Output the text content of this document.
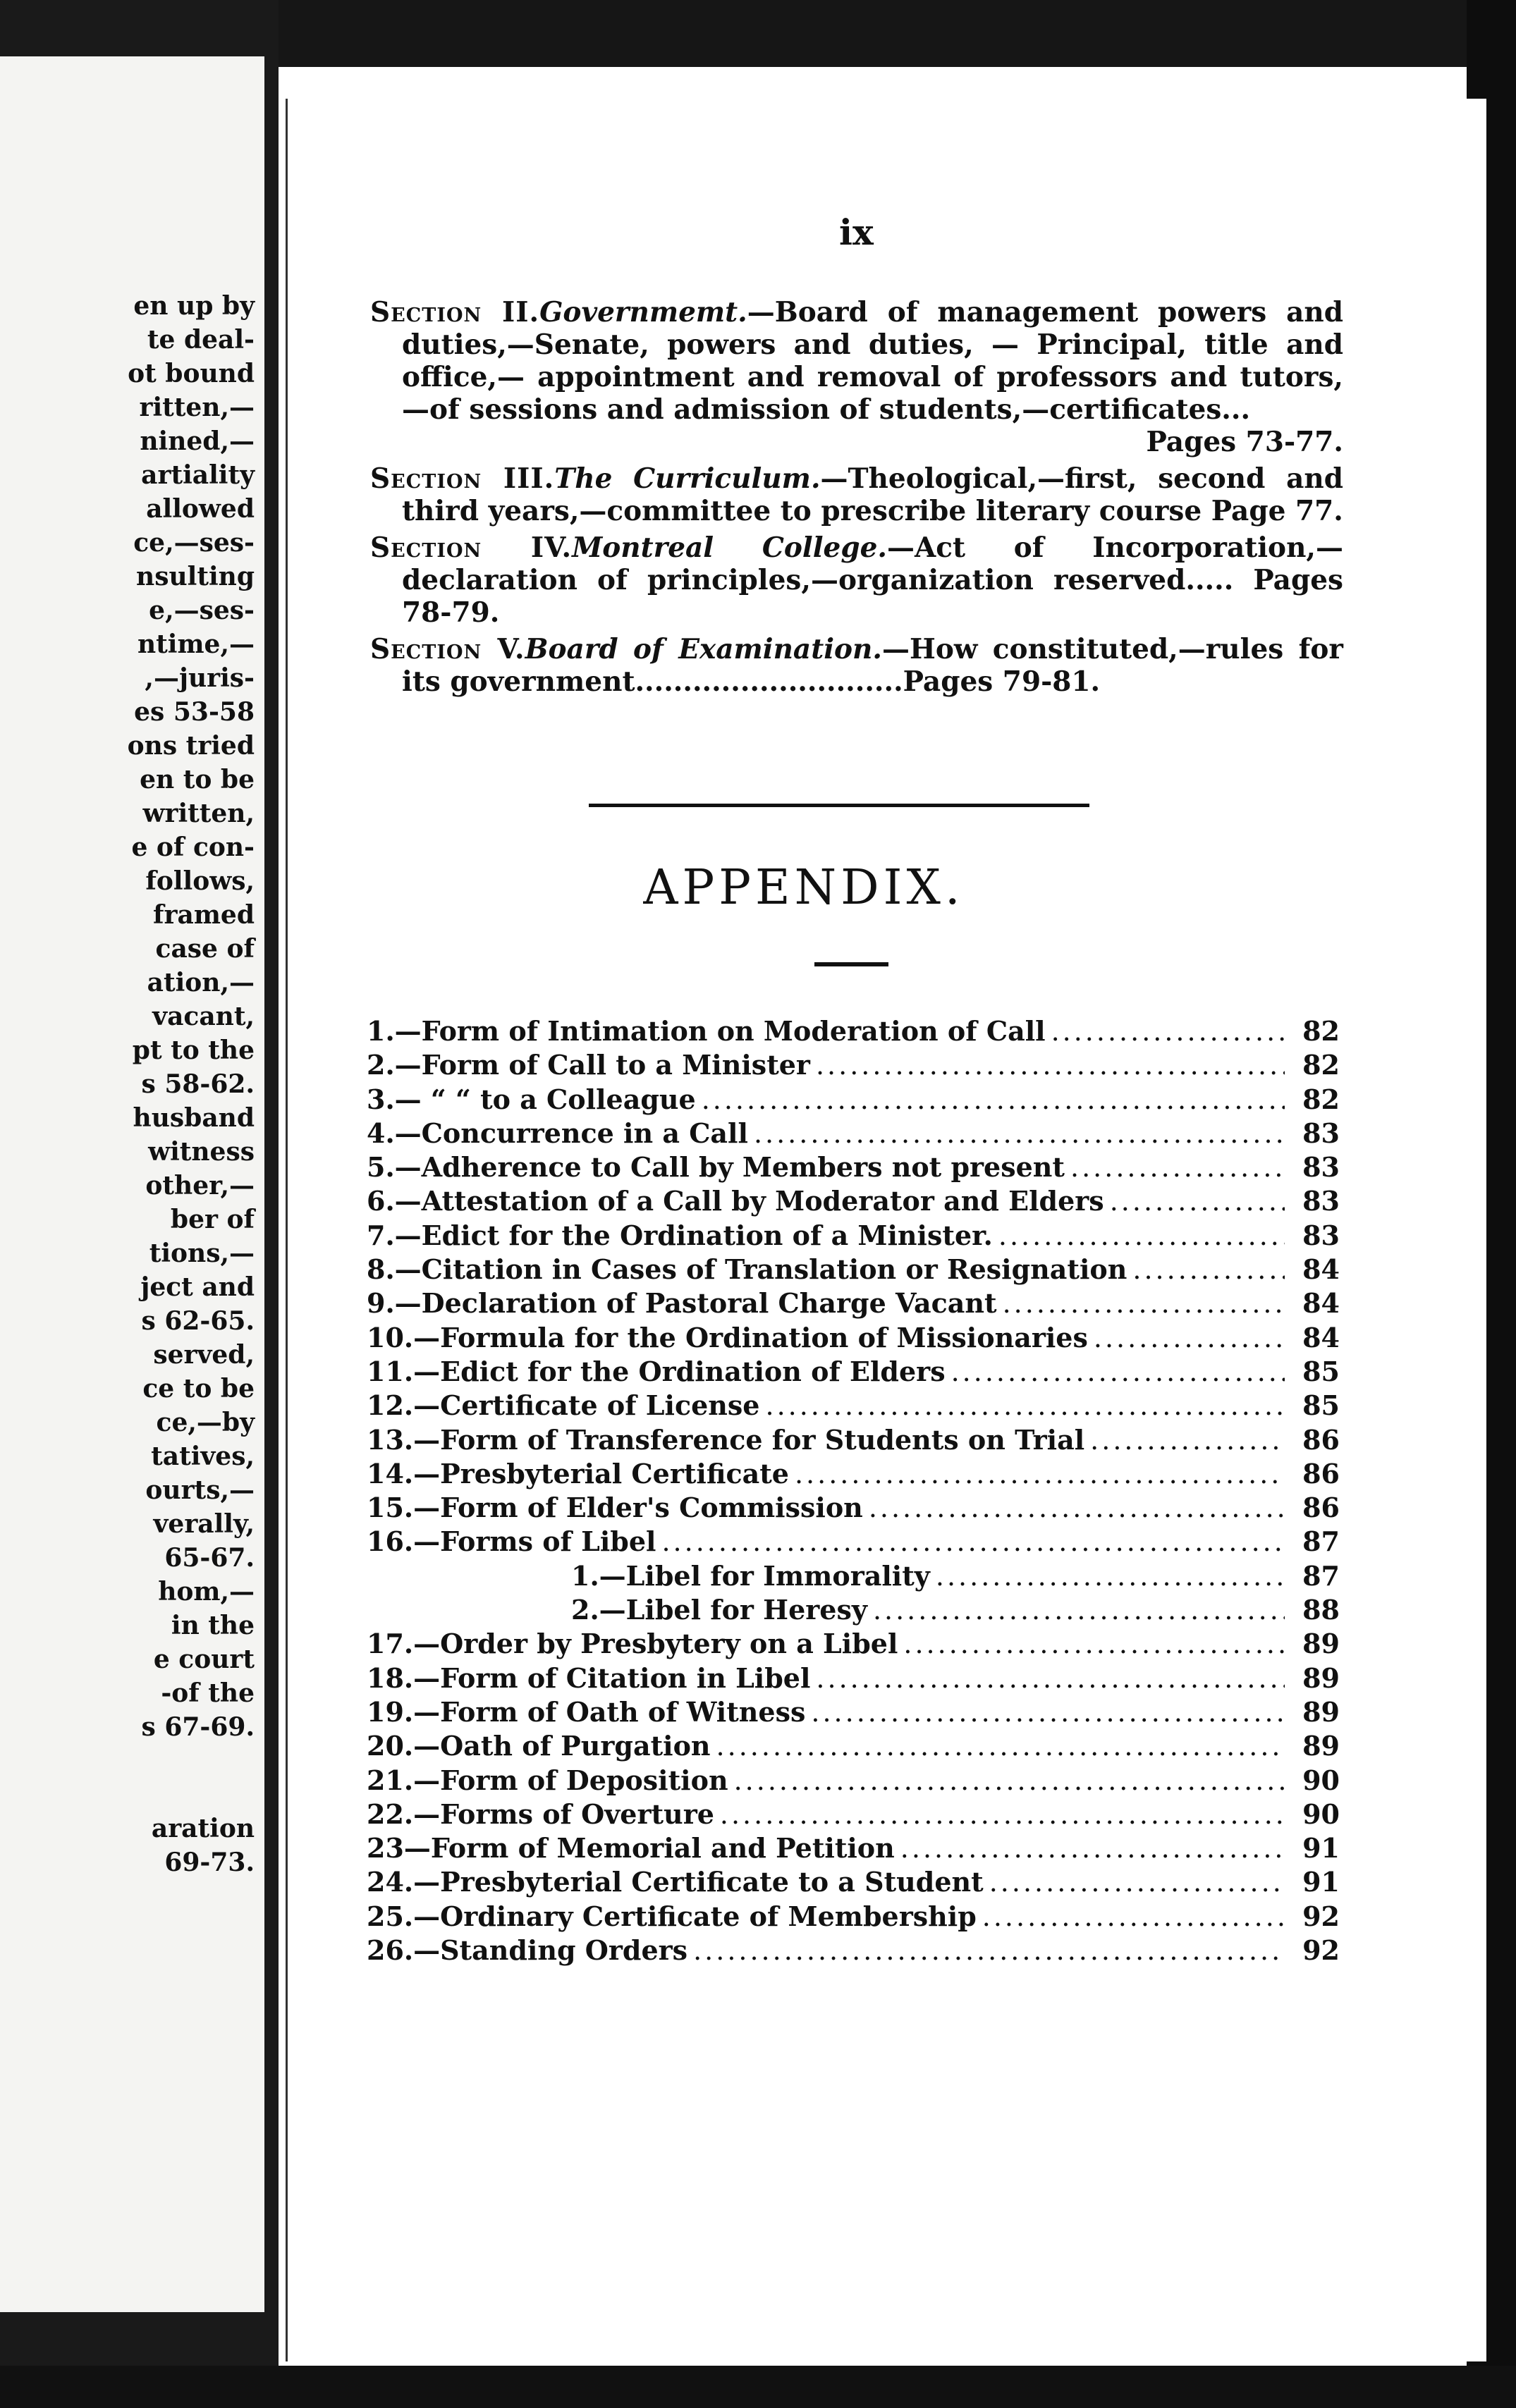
en up by
te deal-
ot bound
ritten,—
nined,—
artiality
allowed
ce,—ses-
nsulting
e,—ses-
ntime,—
,—juris-
es 53-58
ons tried
en to be
written,
e of con-
follows,
framed
case of
ation,—
vacant,
pt to the
s 58-62.
husband
witness
other,—
ber of
tions,—
ject and
s 62-65.
served,
ce to be
ce,—by
tatives,
ourts,—
verally,
65-67.
hom,—
in the
e court
-of the
s 67-69.
aration
69-73.
ix
Section II.Governmemt.—Board of management powers and duties,—Senate, powers and duties, — Principal, title and office,— appointment and removal of professors and tutors,—of sessions and admission of students,—certificates...
Pages 73-77.
Section III.The Curriculum.—Theological,—first, second and third years,—committee to prescribe literary course Page 77.
Section IV.Montreal College.—Act of Incorporation,—declaration of principles,—organization reserved..... Pages 78-79.
Section V.Board of Examination.—How constituted,—rules for its government............................Pages 79-81.
APPENDIX.
1.—Form of Intimation on Moderation of Call .....	82
2.—Form of Call to a Minister .....	82
3.— “ “ to a Colleague .....	82
4.—Concurrence in a Call .....	83
5.—Adherence to Call by Members not present .....	83
6.—Attestation of a Call by Moderator and Elders .....	83
7.—Edict for the Ordination of a Minister. .....	83
8.—Citation in Cases of Translation or Resignation .....	84
9.—Declaration of Pastoral Charge Vacant .....	84
10.—Formula for the Ordination of Missionaries .....	84
11.—Edict for the Ordination of Elders .....	85
12.—Certificate of License .....	85
13.—Form of Transference for Students on Trial .....	86
14.—Presbyterial Certificate .....	86
15.—Form of Elder's Commission .....	86
16.—Forms of Libel .....	87
1.—Libel for Immorality .....	87
2.—Libel for Heresy .....	88
17.—Order by Presbytery on a Libel .....	89
18.—Form of Citation in Libel .....	89
19.—Form of Oath of Witness .....	89
20.—Oath of Purgation .....	89
21.—Form of Deposition .....	90
22.—Forms of Overture .....	90
23—Form of Memorial and Petition .....	91
24.—Presbyterial Certificate to a Student .....	91
25.—Ordinary Certificate of Membership .....	92
26.—Standing Orders .....	92
